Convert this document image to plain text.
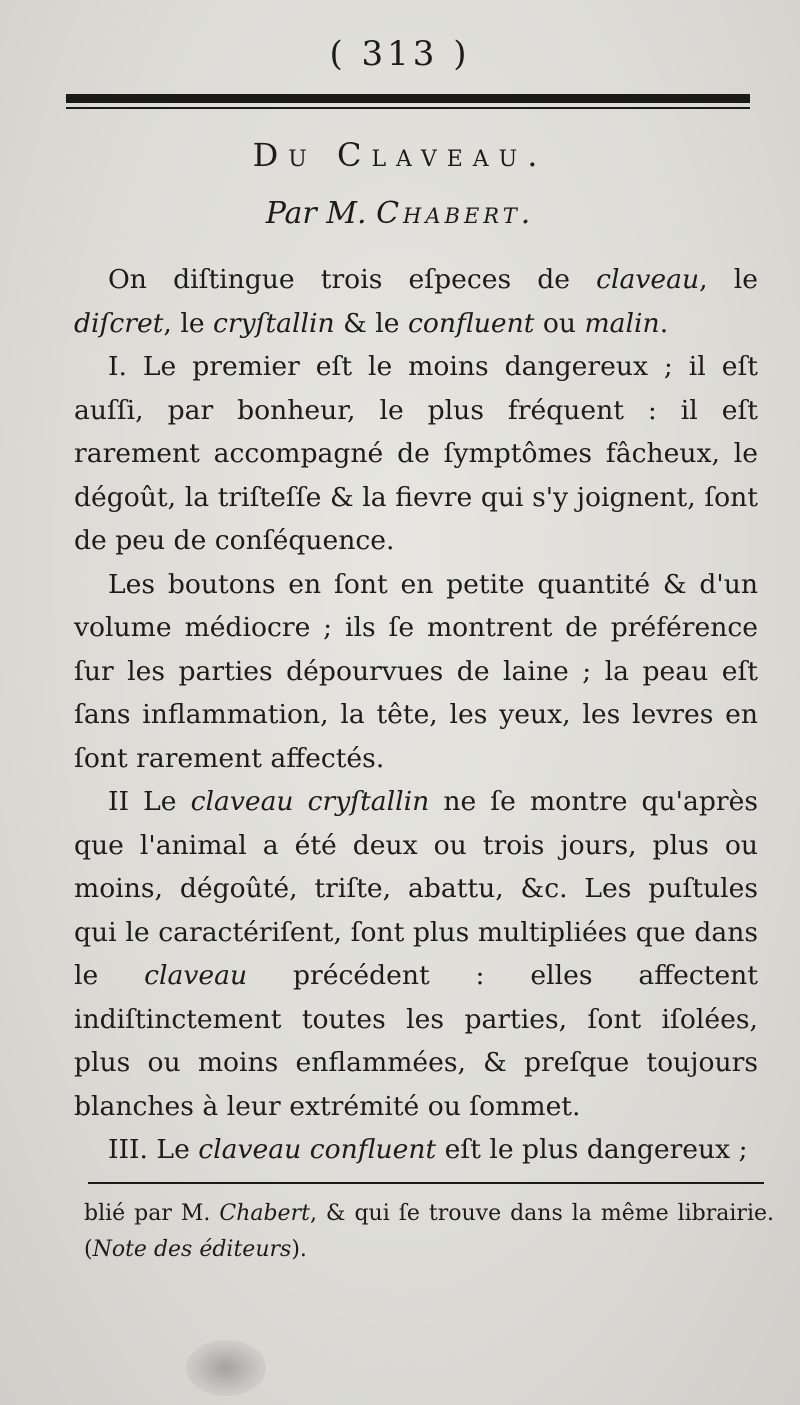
( 313 )
Du Claveau.
Par M. Chabert.

On diſtingue trois eſpeces de claveau, le diſcret, le cryſtallin & le confluent ou malin.

I. Le premier eſt le moins dangereux ; il eſt auſſi, par bonheur, le plus fréquent : il eſt rarement accompagné de ſymptômes fâcheux, le dégoût, la triſteſſe & la fievre qui s'y joignent, ſont de peu de conſéquence.

Les boutons en ſont en petite quantité & d'un volume médiocre ; ils ſe montrent de préférence ſur les parties dépourvues de laine ; la peau eſt ſans inflammation, la tête, les yeux, les levres en ſont rarement affectés.

II Le claveau cryſtallin ne ſe montre qu'après que l'animal a été deux ou trois jours, plus ou moins, dégoûté, triſte, abattu, &c. Les puſtules qui le caractériſent, ſont plus multipliées que dans le claveau précédent : elles affectent indiſtinctement toutes les parties, ſont iſolées, plus ou moins enflammées, & preſque toujours blanches à leur extrémité ou ſommet.

III. Le claveau confluent eſt le plus dangereux ;

blié par M. Chabert, & qui ſe trouve dans la même librairie. (Note des éditeurs).
